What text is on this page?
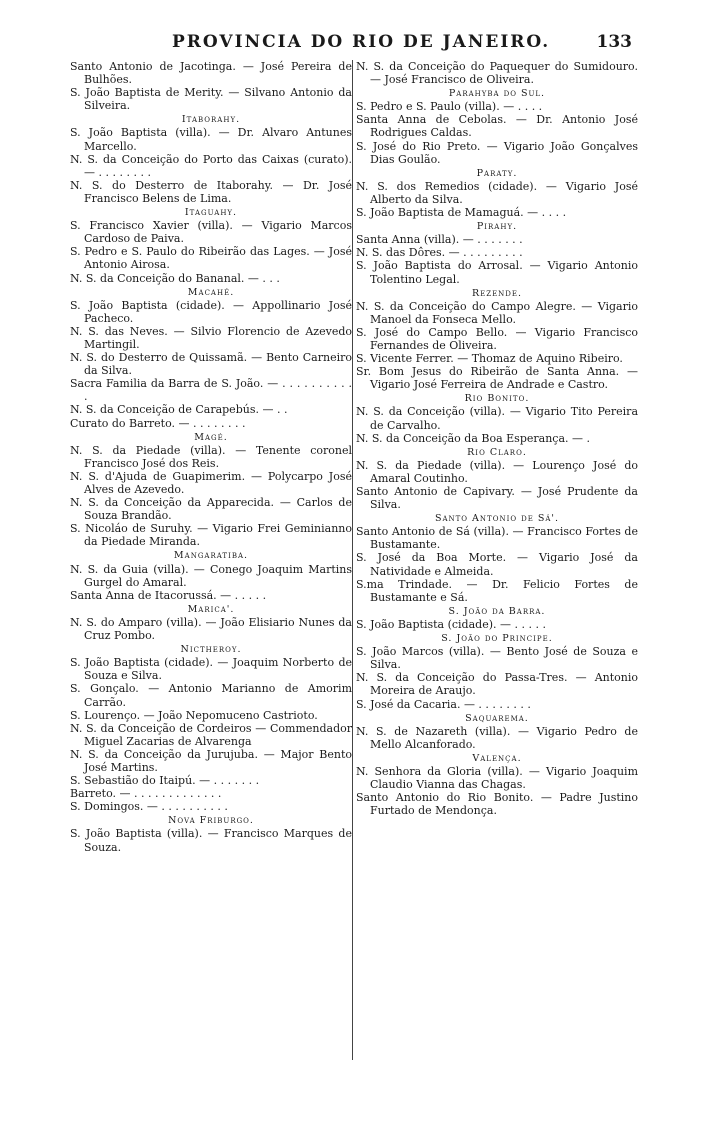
PROVINCIA DO RIO DE JANEIRO.	133

Santo Antonio de Jacotinga. — José Pereira de Bulhões.

S. João Baptista de Merity. — Silvano Antonio da Silveira.

Itaborahy.

S. João Baptista (villa). — Dr. Alvaro Antunes Marcello.

N. S. da Conceição do Porto das Caixas (curato). — . . . . . . . .

N. S. do Desterro de Itaborahy. — Dr. José Francisco Belens de Lima.

Itaguahy.

S. Francisco Xavier (villa). — Vigario Marcos Cardoso de Paiva.

S. Pedro e S. Paulo do Ribeirão das Lages. — José Antonio Airosa.

N. S. da Conceição do Bananal. — . . .

Macahé.

S. João Baptista (cidade). — Appollinario José Pacheco.

N. S. das Neves. — Silvio Florencio de Azevedo Martingil.

N. S. do Desterro de Quissamã. — Bento Carneiro da Silva.

Sacra Familia da Barra de S. João. — . . . . . . . . . . .

N. S. da Conceição de Carapebús. — . .

Curato do Barreto. — . . . . . . . .

Magé.

N. S. da Piedade (villa). — Tenente coronel Francisco José dos Reis.

N. S. d'Ajuda de Guapimerim. — Polycarpo José Alves de Azevedo.

N. S. da Conceição da Apparecida. — Carlos de Souza Brandão.

S. Nicoláo de Suruhy. — Vigario Frei Geminianno da Piedade Miranda.

Mangaratiba.

N. S. da Guia (villa). — Conego Joaquim Martins Gurgel do Amaral.

Santa Anna de Itacorussá. — . . . . .

Marica'.

N. S. do Amparo (villa). — João Elisiario Nunes da Cruz Pombo.

Nictheroy.

S. João Baptista (cidade). — Joaquim Norberto de Souza e Silva.

S. Gonçalo. — Antonio Marianno de Amorim Carrão.

S. Lourenço. — João Nepomuceno Castrioto.

N. S. da Conceição de Cordeiros — Commendador Miguel Zacarias de Alvarenga

N. S. da Conceição da Jurujuba. — Major Bento José Martins.

S. Sebastião do Itaipú. — . . . . . . .

Barreto. — . . . . . . . . . . . . .

S. Domingos. — . . . . . . . . . .

Nova Friburgo.

S. João Baptista (villa). — Francisco Marques de Souza.

N. S. da Conceição do Paquequer do Sumidouro. — José Francisco de Oliveira.

Parahyba do Sul.

S. Pedro e S. Paulo (villa). — . . . .

Santa Anna de Cebolas. — Dr. Antonio José Rodrigues Caldas.

S. José do Rio Preto. — Vigario João Gonçalves Dias Goulão.

Paraty.

N. S. dos Remedios (cidade). — Vigario José Alberto da Silva.

S. João Baptista de Mamaguá. — . . . .

Pirahy.

Santa Anna (villa). — . . . . . . .

N. S. das Dôres. — . . . . . . . . .

S. João Baptista do Arrosal. — Vigario Antonio Tolentino Legal.

Rezende.

N. S. da Conceição do Campo Alegre. — Vigario Manoel da Fonseca Mello.

S. José do Campo Bello. — Vigario Francisco Fernandes de Oliveira.

S. Vicente Ferrer. — Thomaz de Aquino Ribeiro.

Sr. Bom Jesus do Ribeirão de Santa Anna. — Vigario José Ferreira de Andrade e Castro.

Rio Bonito.

N. S. da Conceição (villa). — Vigario Tito Pereira de Carvalho.

N. S. da Conceição da Boa Esperança. — .

Rio Claro.

N. S. da Piedade (villa). — Lourenço José do Amaral Coutinho.

Santo Antonio de Capivary. — José Prudente da Silva.

Santo Antonio de Sá'.

Santo Antonio de Sá (villa). — Francisco Fortes de Bustamante.

S. José da Boa Morte. — Vigario José da Natividade e Almeida.

S.ma Trindade. — Dr. Felicio Fortes de Bustamante e Sá.

S. João da Barra.

S. João Baptista (cidade). — . . . . .

S. João do Principe.

S. João Marcos (villa). — Bento José de Souza e Silva.

N. S. da Conceição do Passa-Tres. — Antonio Moreira de Araujo.

S. José da Cacaria. — . . . . . . . .

Saquarema.

N. S. de Nazareth (villa). — Vigario Pedro de Mello Alcanforado.

Valença.

N. Senhora da Gloria (villa). — Vigario Joaquim Claudio Vianna das Chagas.

Santo Antonio do Rio Bonito. — Padre Justino Furtado de Mendonça.
